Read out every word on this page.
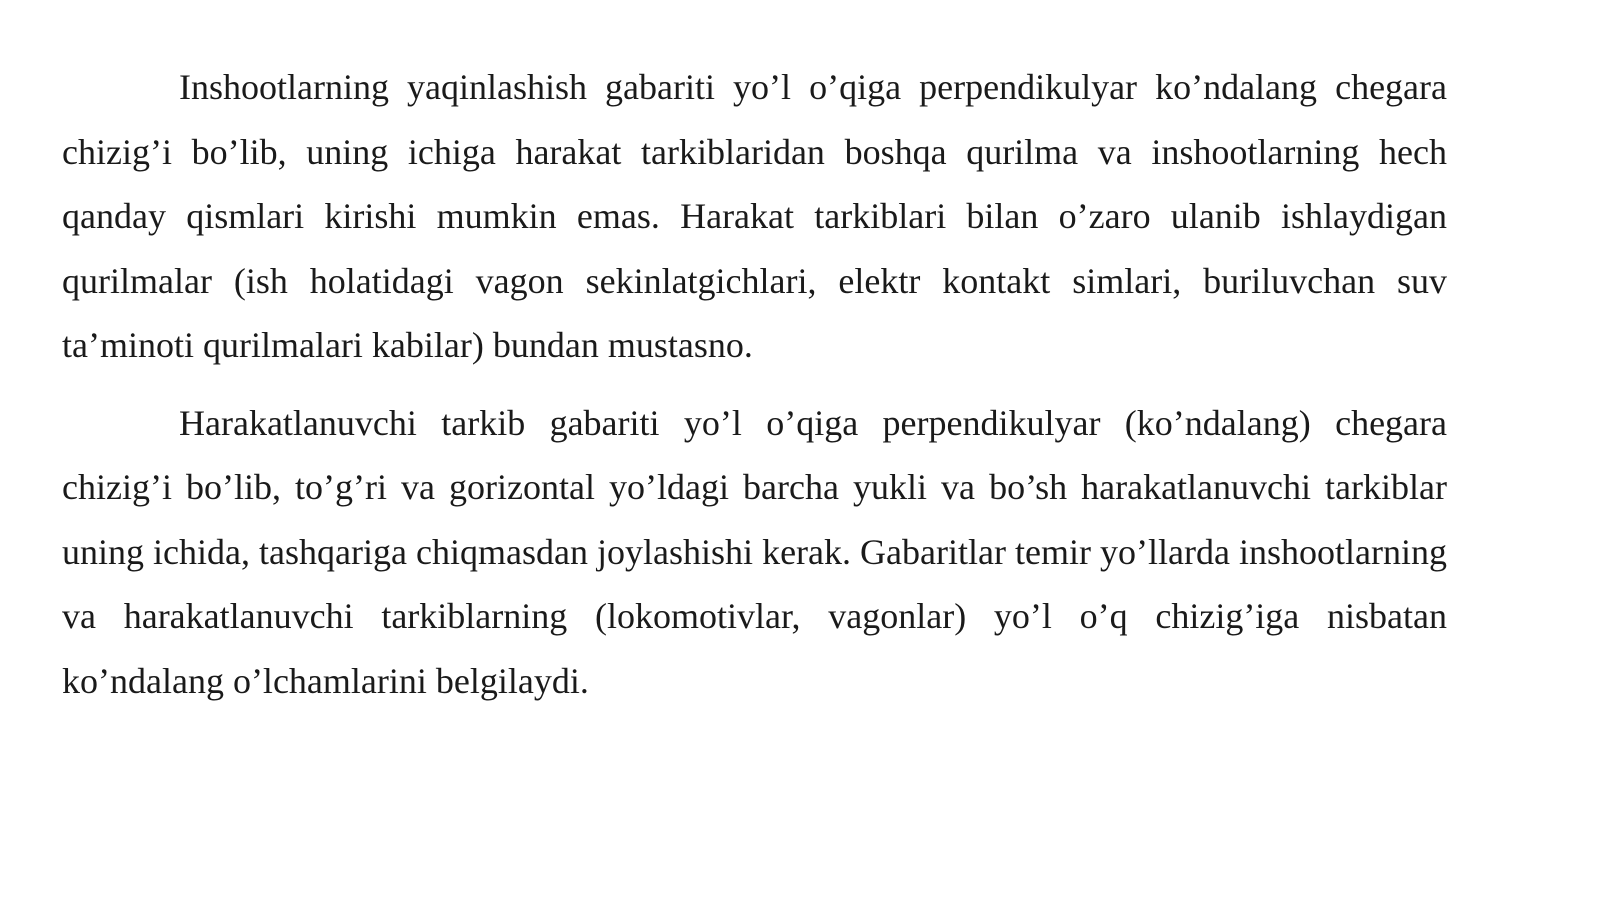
Inshootlarning yaqinlashish gabariti yo’l o’qiga perpendikulyar ko’ndalang chegara chizig’i bo’lib, uning ichiga harakat tarkiblaridan boshqa qurilma va inshootlarning hech qanday qismlari kirishi mumkin emas. Harakat tarkiblari bilan o’zaro ulanib ishlaydigan qurilmalar (ish holatidagi vagon sekinlatgichlari, elektr kontakt simlari, buriluvchan suv ta’minoti qurilmalari kabilar) bundan mustasno.

Harakatlanuvchi tarkib gabariti yo’l o’qiga perpendikulyar (ko’ndalang) chegara chizig’i bo’lib, to’g’ri va gorizontal yo’ldagi barcha yukli va bo’sh harakatlanuvchi tarkiblar uning ichida, tashqariga chiqmasdan joylashishi kerak. Gabaritlar temir yo’llarda inshootlarning va harakatlanuvchi tarkiblarning (lokomotivlar, vagonlar) yo’l o’q chizig’iga nisbatan ko’ndalang o’lchamlarini belgilaydi.
